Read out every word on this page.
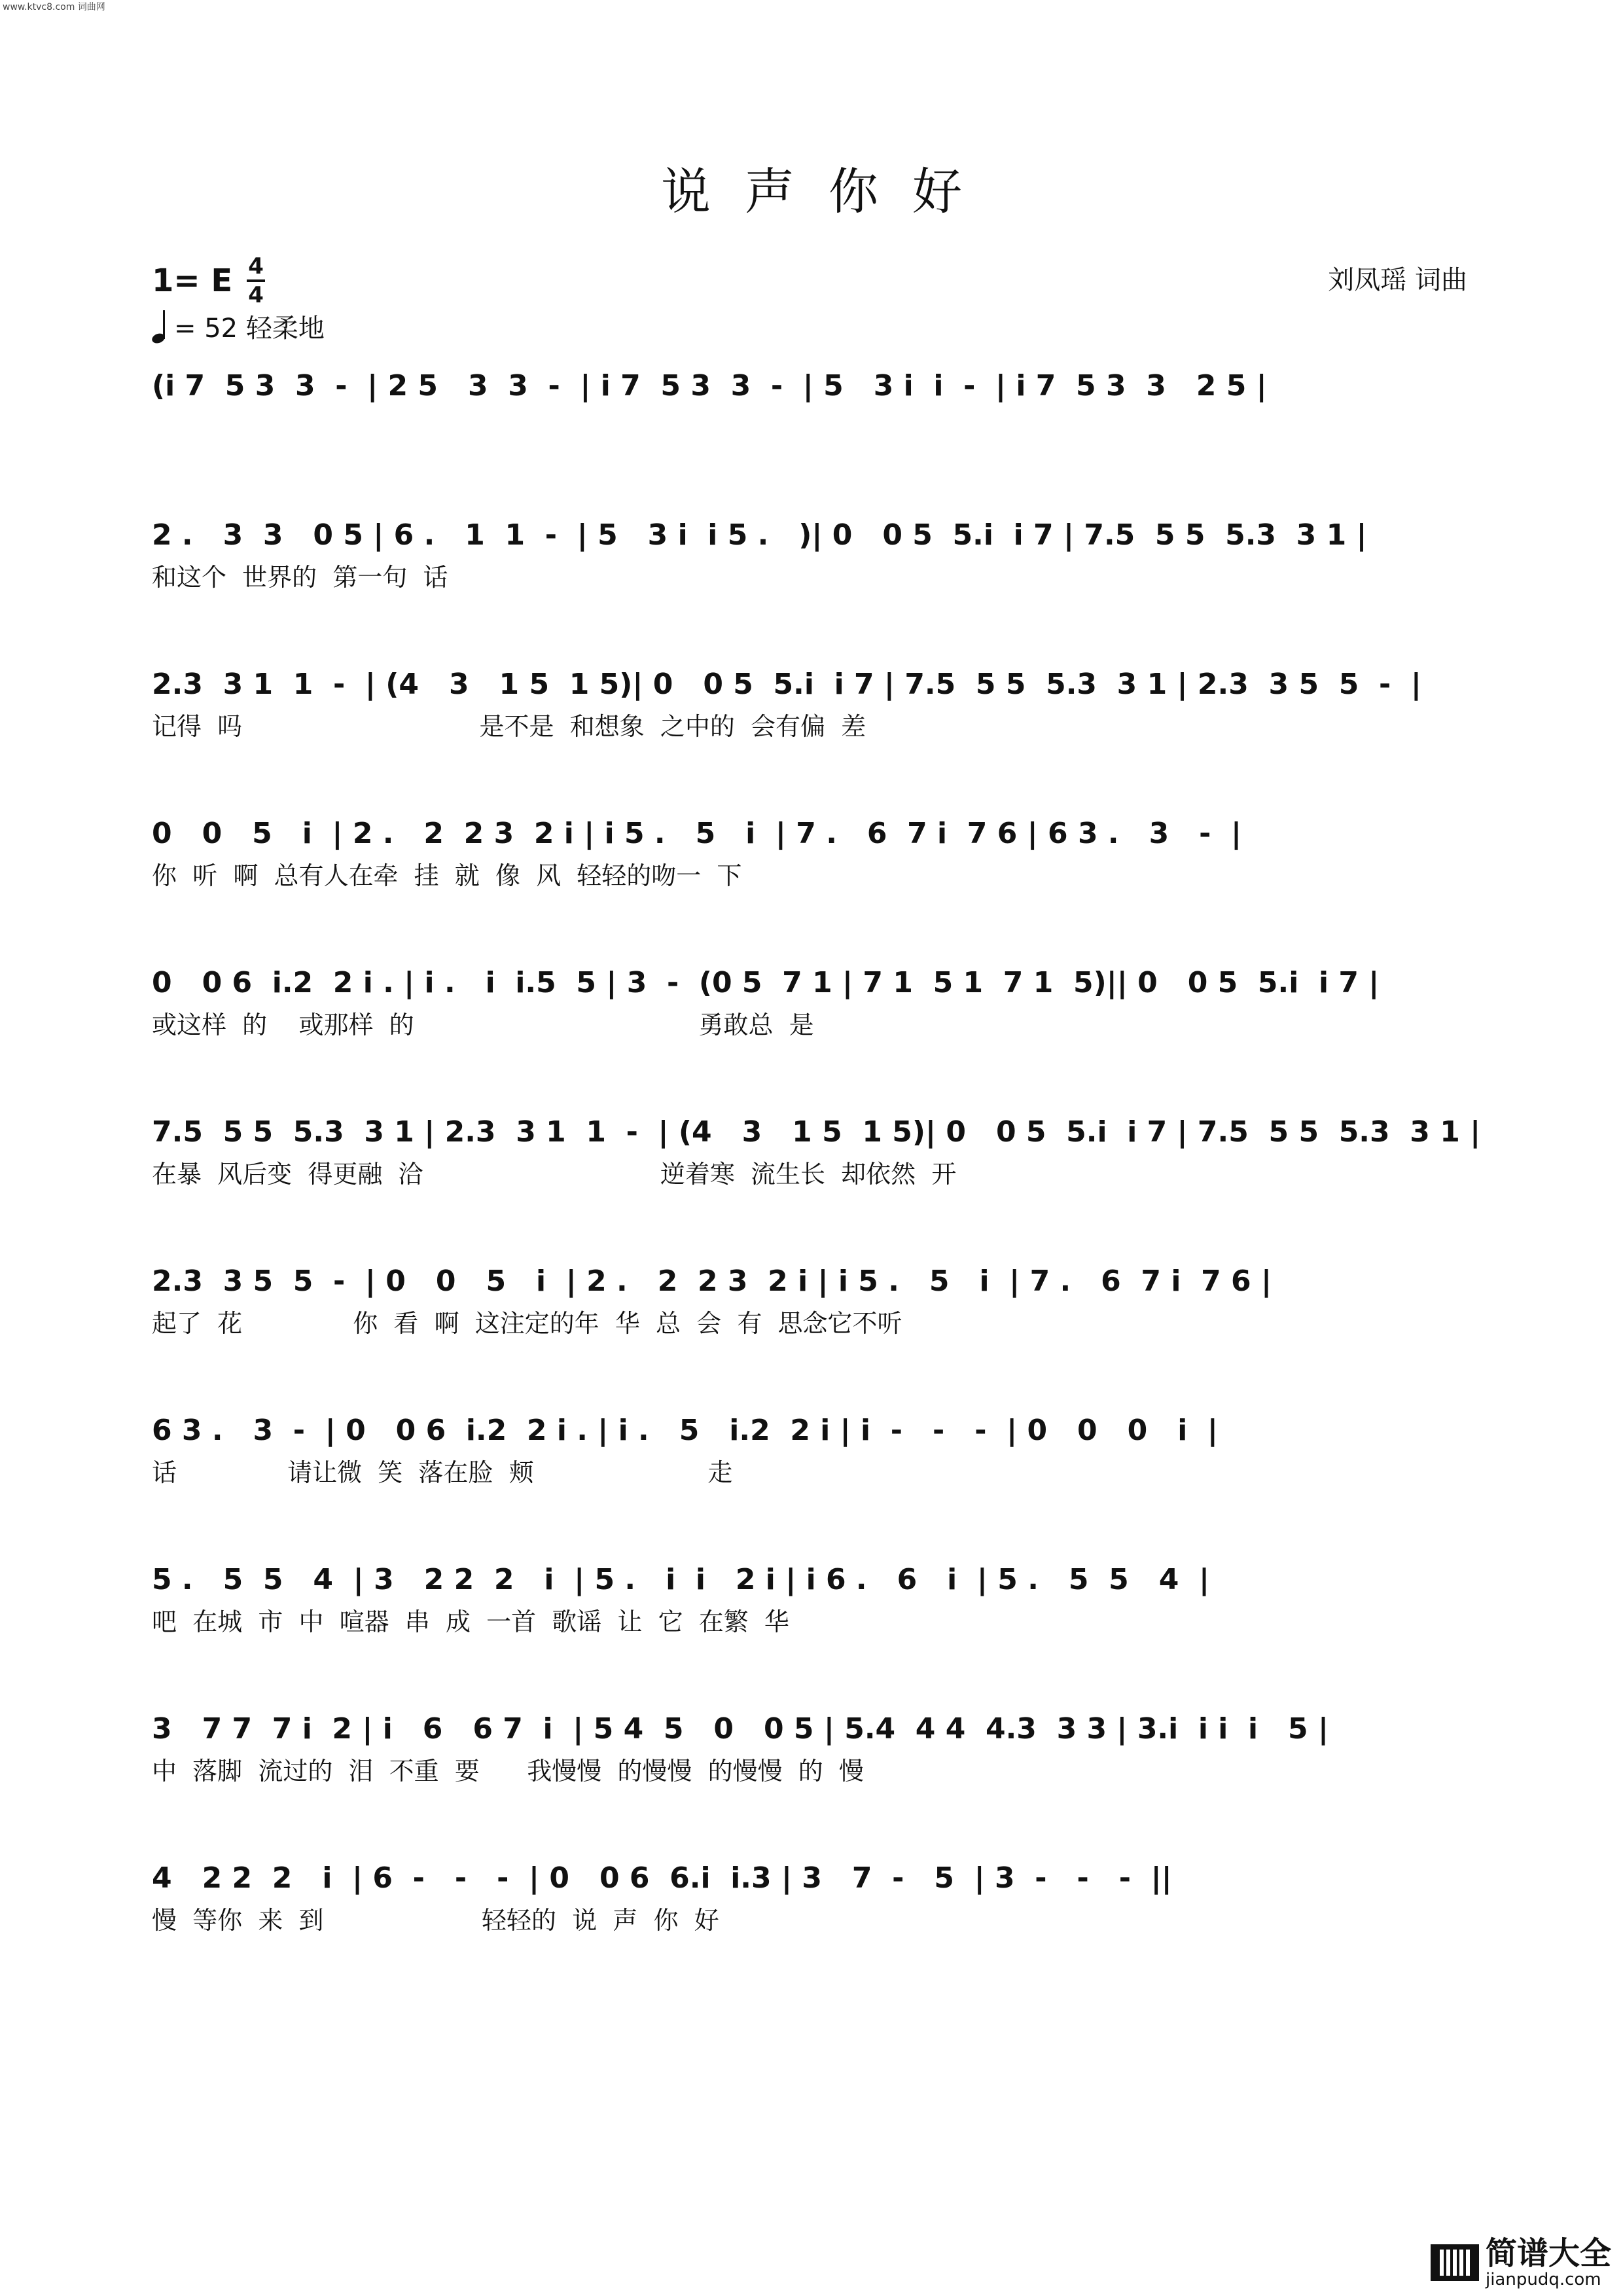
www.ktvc8.com 词曲网
说声你好
1= E 4
4
= 52 轻柔地
刘凤瑶 词曲
(i 7  5 3  3  -  | 2 5   3  3  -  | i 7  5 3  3  -  | 5   3 i  i  -  | i 7  5 3  3   2 5 |
2 .   3  3   0 5 | 6 .   1  1  -  | 5   3 i  i 5 .   )| 0   0 5  5.i  i 7 | 7.5  5 5  5.3  3 1 |
和这个  世界的  第一句  话
2.3  3 1  1  -  | (4   3   1 5  1 5)| 0   0 5  5.i  i 7 | 7.5  5 5  5.3  3 1 | 2.3  3 5  5  -  |
记得  吗                              是不是  和想象  之中的  会有偏  差
0   0   5   i  | 2 .   2  2 3  2 i | i 5 .   5   i  | 7 .   6  7 i  7 6 | 6 3 .   3   -  |
你  听  啊  总有人在牵  挂  就  像  风  轻轻的吻一  下
0   0 6  i.2  2 i . | i .   i  i.5  5 | 3  -  (0 5  7 1 | 7 1  5 1  7 1  5)|| 0   0 5  5.i  i 7 |
或这样  的    或那样  的                                    勇敢总  是
7.5  5 5  5.3  3 1 | 2.3  3 1  1  -  | (4   3   1 5  1 5)| 0   0 5  5.i  i 7 | 7.5  5 5  5.3  3 1 |
在暴  风后变  得更融  洽                              逆着寒  流生长  却依然  开
2.3  3 5  5  -  | 0   0   5   i  | 2 .   2  2 3  2 i | i 5 .   5   i  | 7 .   6  7 i  7 6 |
起了  花              你  看  啊  这注定的年  华  总  会  有  思念它不听
6 3 .   3  -  | 0   0 6  i.2  2 i . | i .   5   i.2  2 i | i  -   -   -  | 0   0   0   i  |
话              请让微  笑  落在脸  颊                      走
5 .   5  5   4  | 3   2 2  2   i  | 5 .   i  i   2 i | i 6 .   6   i  | 5 .   5  5   4  |
吧  在城  市  中  喧器  串  成  一首  歌谣  让  它  在繁  华
3   7 7  7 i  2 | i   6   6 7  i  | 5 4  5   0   0 5 | 5.4  4 4  4.3  3 3 | 3.i  i i  i   5 |
中  落脚  流过的  泪  不重  要      我慢慢  的慢慢  的慢慢  的  慢
4   2 2  2   i  | 6  -   -   -  | 0   0 6  6.i  i.3 | 3   7  -   5  | 3  -   -   -  ||
慢  等你  来  到                    轻轻的  说  声  你  好
简谱大全
jianpudq.com
